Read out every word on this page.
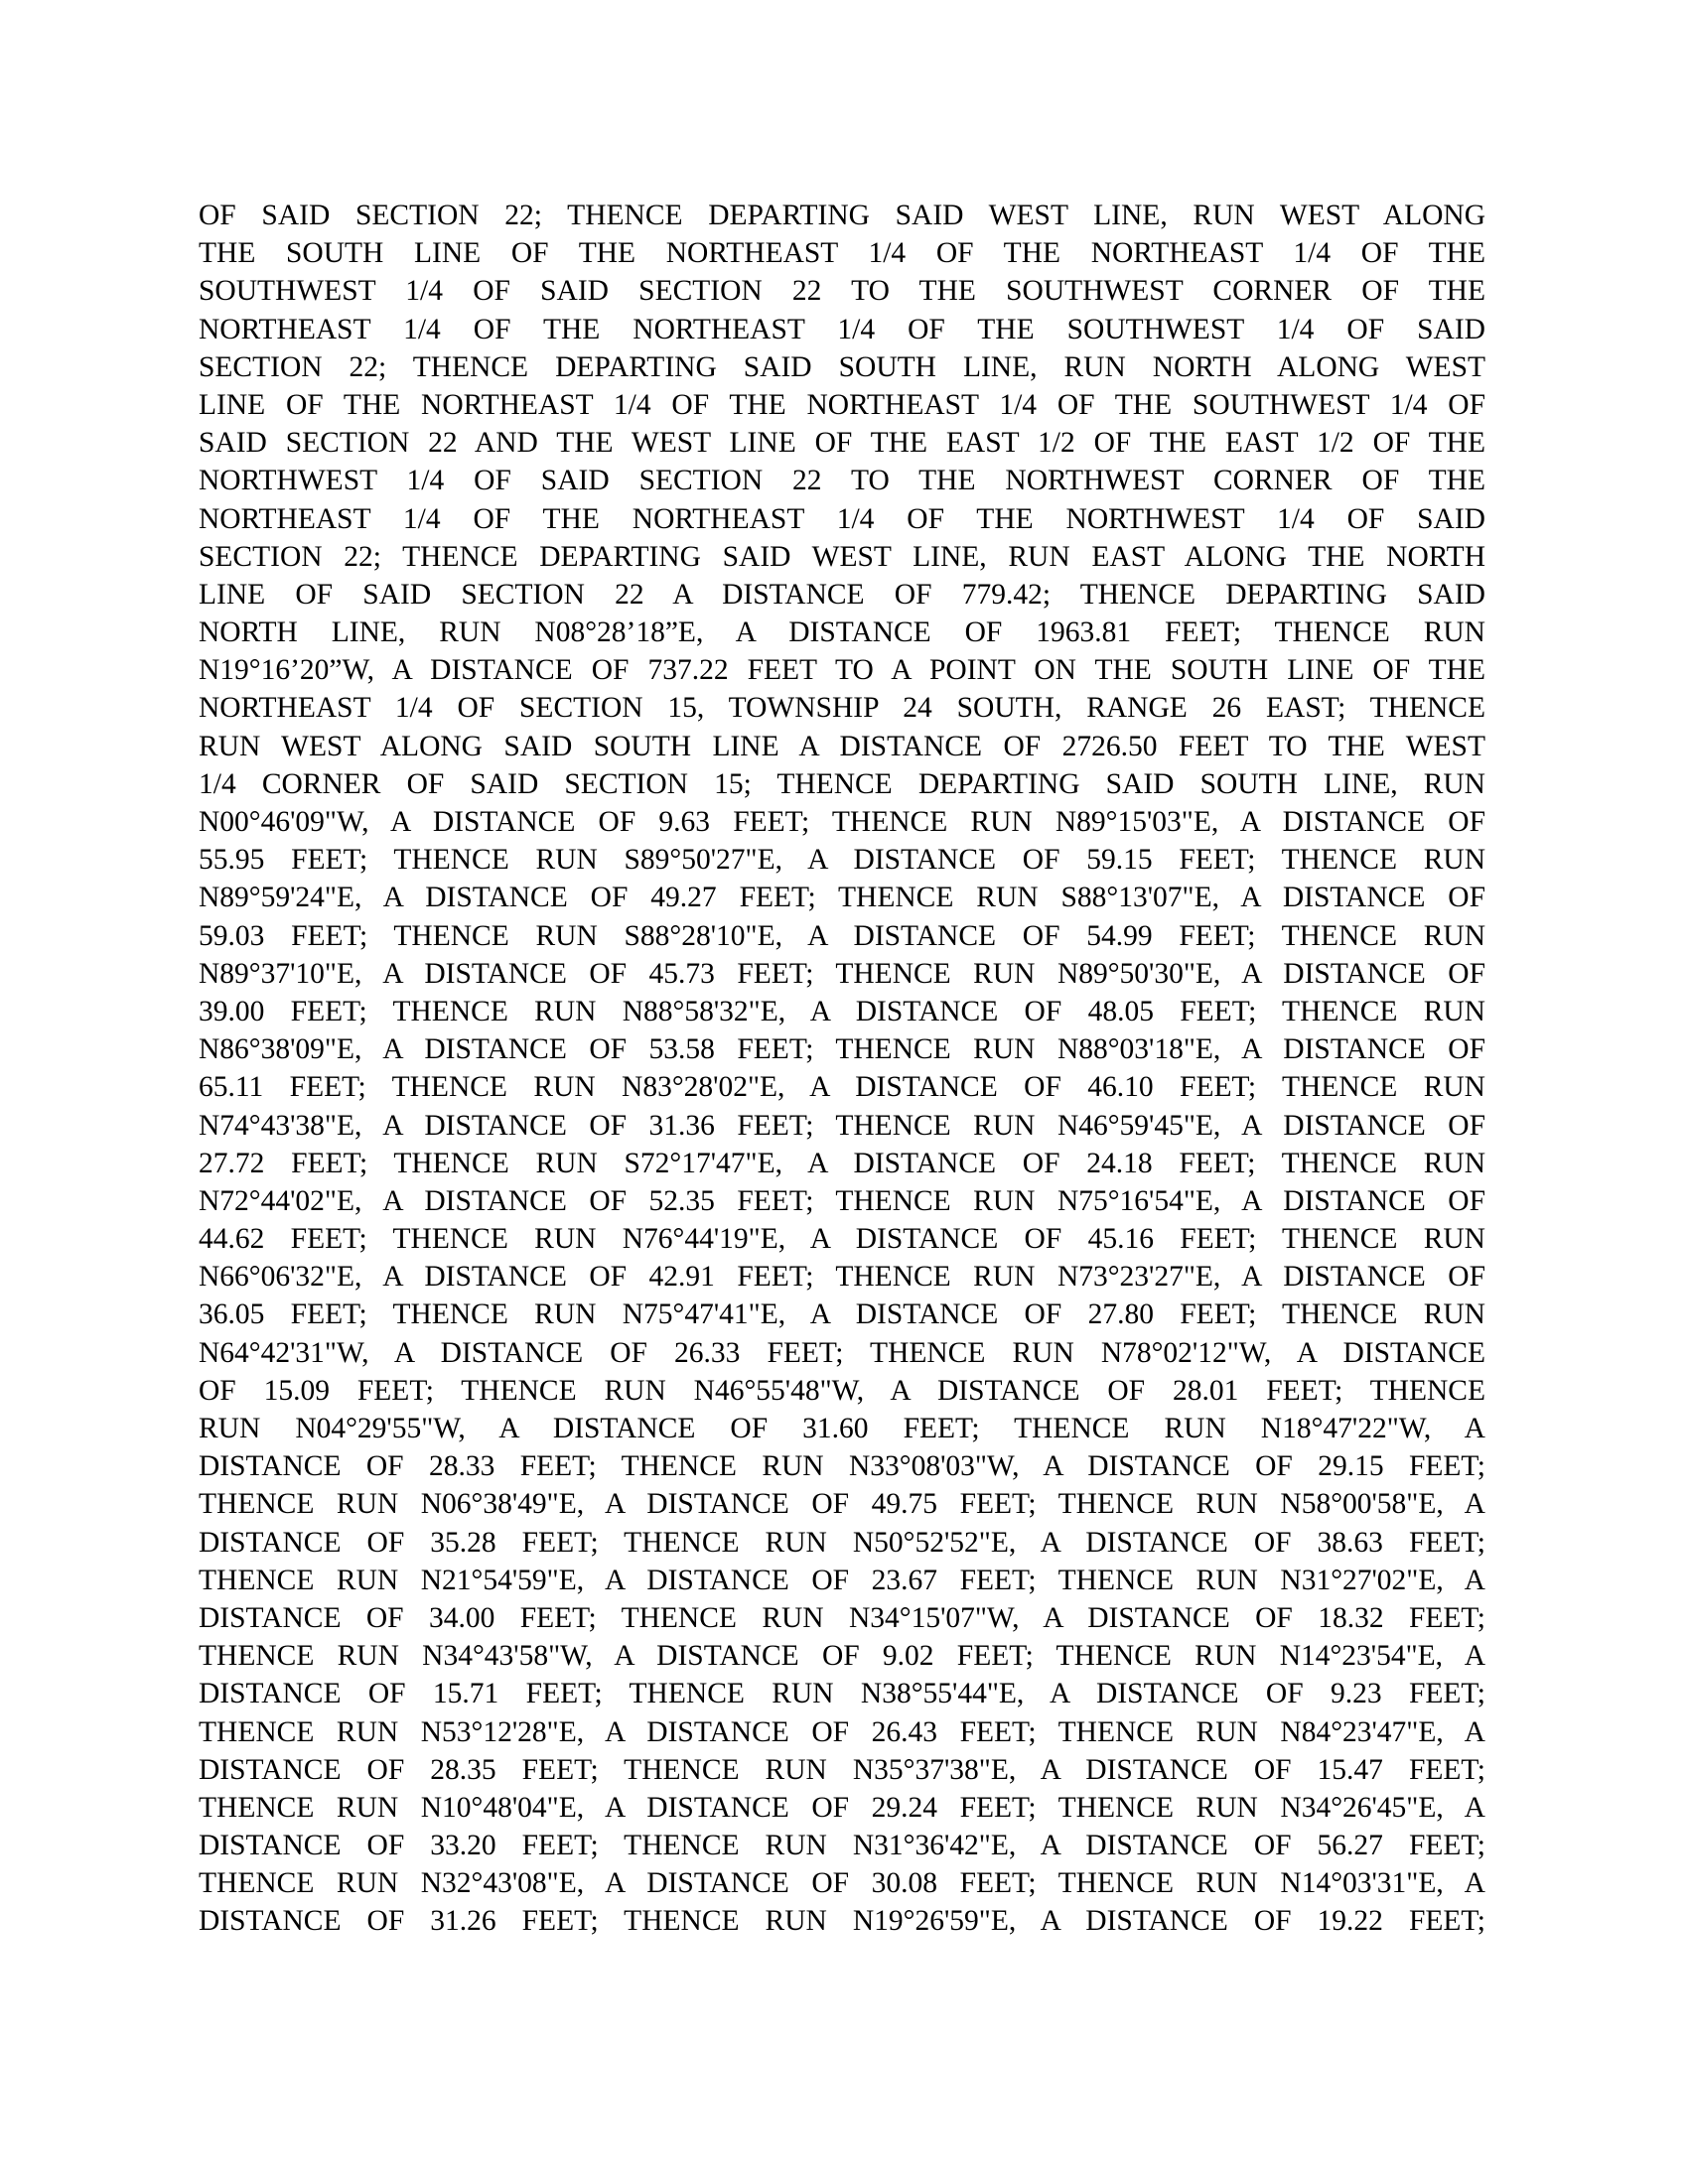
OF SAID SECTION 22; THENCE DEPARTING SAID WEST LINE, RUN WEST ALONG
THE SOUTH LINE OF THE NORTHEAST 1/4 OF THE NORTHEAST 1/4 OF THE
SOUTHWEST 1/4 OF SAID SECTION 22 TO THE SOUTHWEST CORNER OF THE
NORTHEAST 1/4 OF THE NORTHEAST 1/4 OF THE SOUTHWEST 1/4 OF SAID
SECTION 22; THENCE DEPARTING SAID SOUTH LINE, RUN NORTH ALONG WEST
LINE OF THE NORTHEAST 1/4 OF THE NORTHEAST 1/4 OF THE SOUTHWEST 1/4 OF
SAID SECTION 22 AND THE WEST LINE OF THE EAST 1/2 OF THE EAST 1/2 OF THE
NORTHWEST 1/4 OF SAID SECTION 22 TO THE NORTHWEST CORNER OF THE
NORTHEAST 1/4 OF THE NORTHEAST 1/4 OF THE NORTHWEST 1/4 OF SAID
SECTION 22; THENCE DEPARTING SAID WEST LINE, RUN EAST ALONG THE NORTH
LINE OF SAID SECTION 22 A DISTANCE OF 779.42; THENCE DEPARTING SAID
NORTH LINE, RUN N08°28’18”E, A DISTANCE OF 1963.81 FEET; THENCE RUN
N19°16’20”W, A DISTANCE OF 737.22 FEET TO A POINT ON THE SOUTH LINE OF THE
NORTHEAST 1/4 OF SECTION 15, TOWNSHIP 24 SOUTH, RANGE 26 EAST; THENCE
RUN WEST ALONG SAID SOUTH LINE A DISTANCE OF 2726.50 FEET TO THE WEST
1/4 CORNER OF SAID SECTION 15; THENCE DEPARTING SAID SOUTH LINE, RUN
N00°46'09"W, A DISTANCE OF 9.63 FEET; THENCE RUN N89°15'03"E, A DISTANCE OF
55.95 FEET; THENCE RUN S89°50'27"E, A DISTANCE OF 59.15 FEET; THENCE RUN
N89°59'24"E, A DISTANCE OF 49.27 FEET; THENCE RUN S88°13'07"E, A DISTANCE OF
59.03 FEET; THENCE RUN S88°28'10"E, A DISTANCE OF 54.99 FEET; THENCE RUN
N89°37'10"E, A DISTANCE OF 45.73 FEET; THENCE RUN N89°50'30"E, A DISTANCE OF
39.00 FEET; THENCE RUN N88°58'32"E, A DISTANCE OF 48.05 FEET; THENCE RUN
N86°38'09"E, A DISTANCE OF 53.58 FEET; THENCE RUN N88°03'18"E, A DISTANCE OF
65.11 FEET; THENCE RUN N83°28'02"E, A DISTANCE OF 46.10 FEET; THENCE RUN
N74°43'38"E, A DISTANCE OF 31.36 FEET; THENCE RUN N46°59'45"E, A DISTANCE OF
27.72 FEET; THENCE RUN S72°17'47"E, A DISTANCE OF 24.18 FEET; THENCE RUN
N72°44'02"E, A DISTANCE OF 52.35 FEET; THENCE RUN N75°16'54"E, A DISTANCE OF
44.62 FEET; THENCE RUN N76°44'19"E, A DISTANCE OF 45.16 FEET; THENCE RUN
N66°06'32"E, A DISTANCE OF 42.91 FEET; THENCE RUN N73°23'27"E, A DISTANCE OF
36.05 FEET; THENCE RUN N75°47'41"E, A DISTANCE OF 27.80 FEET; THENCE RUN
N64°42'31"W, A DISTANCE OF 26.33 FEET; THENCE RUN N78°02'12"W, A DISTANCE
OF 15.09 FEET; THENCE RUN N46°55'48"W, A DISTANCE OF 28.01 FEET; THENCE
RUN N04°29'55"W, A DISTANCE OF 31.60 FEET; THENCE RUN N18°47'22"W, A
DISTANCE OF 28.33 FEET; THENCE RUN N33°08'03"W, A DISTANCE OF 29.15 FEET;
THENCE RUN N06°38'49"E, A DISTANCE OF 49.75 FEET; THENCE RUN N58°00'58"E, A
DISTANCE OF 35.28 FEET; THENCE RUN N50°52'52"E, A DISTANCE OF 38.63 FEET;
THENCE RUN N21°54'59"E, A DISTANCE OF 23.67 FEET; THENCE RUN N31°27'02"E, A
DISTANCE OF 34.00 FEET; THENCE RUN N34°15'07"W, A DISTANCE OF 18.32 FEET;
THENCE RUN N34°43'58"W, A DISTANCE OF 9.02 FEET; THENCE RUN N14°23'54"E, A
DISTANCE OF 15.71 FEET; THENCE RUN N38°55'44"E, A DISTANCE OF 9.23 FEET;
THENCE RUN N53°12'28"E, A DISTANCE OF 26.43 FEET; THENCE RUN N84°23'47"E, A
DISTANCE OF 28.35 FEET; THENCE RUN N35°37'38"E, A DISTANCE OF 15.47 FEET;
THENCE RUN N10°48'04"E, A DISTANCE OF 29.24 FEET; THENCE RUN N34°26'45"E, A
DISTANCE OF 33.20 FEET; THENCE RUN N31°36'42"E, A DISTANCE OF 56.27 FEET;
THENCE RUN N32°43'08"E, A DISTANCE OF 30.08 FEET; THENCE RUN N14°03'31"E, A
DISTANCE OF 31.26 FEET; THENCE RUN N19°26'59"E, A DISTANCE OF 19.22 FEET;
